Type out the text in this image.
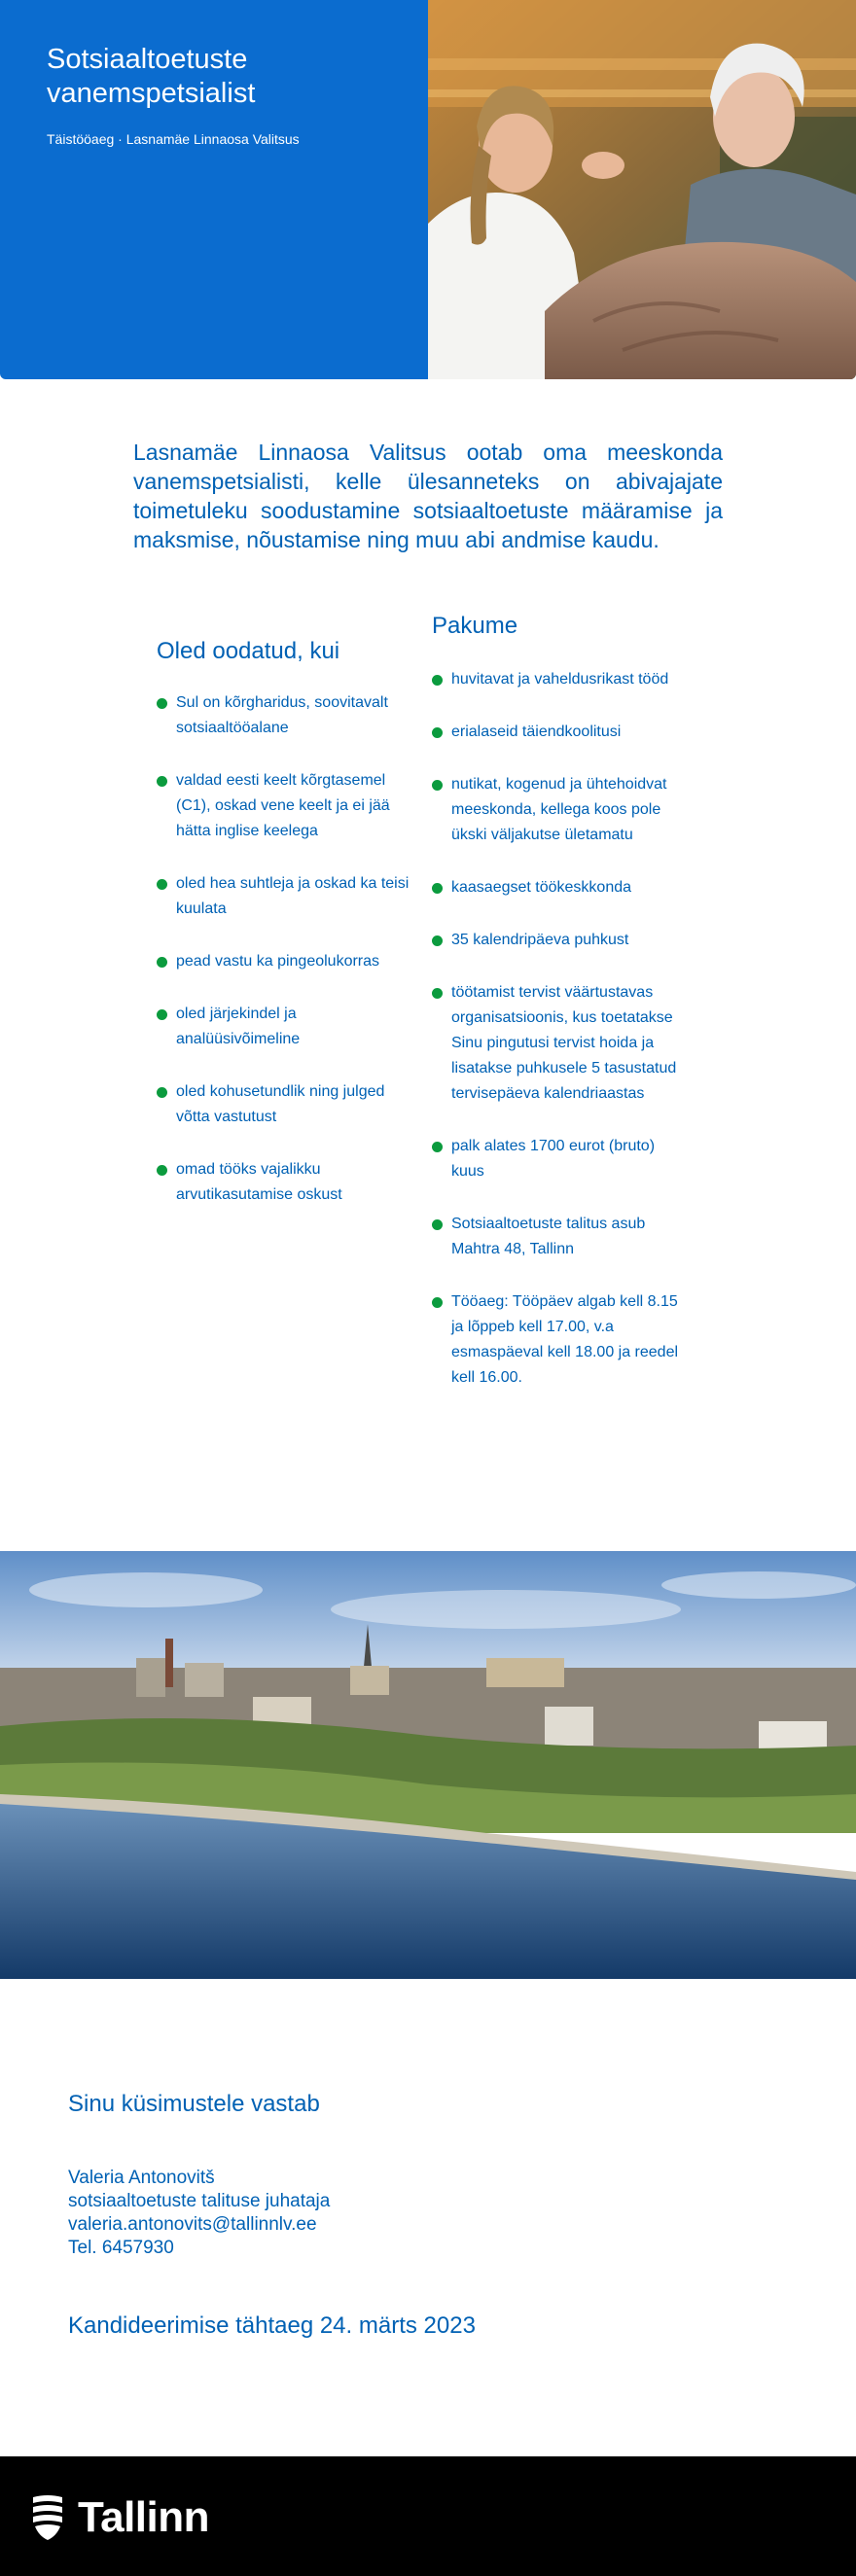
Sotsiaaltoetuste
vanemspetsialist
Täistööaeg · Lasnamäe Linnaosa Valitsus

Lasnamäe Linnaosa Valitsus ootab oma meeskonda vanemspetsialisti, kelle ülesanneteks on abivajajate toimetuleku soodustamine sotsiaaltoetuste määramise ja maksmise, nõustamise ning muu abi andmise kaudu.

Oled oodatud, kui
Sul on kõrgharidus, soovitavalt sotsiaaltööalane
valdad eesti keelt kõrgtasemel (C1), oskad vene keelt ja ei jää hätta inglise keelega
oled hea suhtleja ja oskad ka teisi kuulata
pead vastu ka pingeolukorras
oled järjekindel ja analüüsivõimeline
oled kohusetundlik ning julged võtta vastutust
omad tööks vajalikku arvutikasutamise oskust
Pakume
huvitavat ja vaheldusrikast tööd
erialaseid täiendkoolitusi
nutikat, kogenud ja ühtehoidvat meeskonda, kellega koos pole ükski väljakutse ületamatu
kaasaegset töökeskkonda
35 kalendripäeva puhkust
töötamist tervist väärtustavas organisatsioonis, kus toetatakse Sinu pingutusi tervist hoida ja lisatakse puhkusele 5 tasustatud tervisepäeva kalendriaastas
palk alates 1700 eurot (bruto) kuus
Sotsiaaltoetuste talitus asub Mahtra 48, Tallinn
Tööaeg: Tööpäev algab kell 8.15 ja lõppeb kell 17.00, v.a esmaspäeval kell 18.00 ja reedel kell 16.00.
Sinu küsimustele vastab
Valeria Antonovitš
sotsiaaltoetuste talituse juhataja
valeria.antonovits@tallinnlv.ee
Tel. 6457930
Kandideerimise tähtaeg 24. märts 2023
Tallinn
